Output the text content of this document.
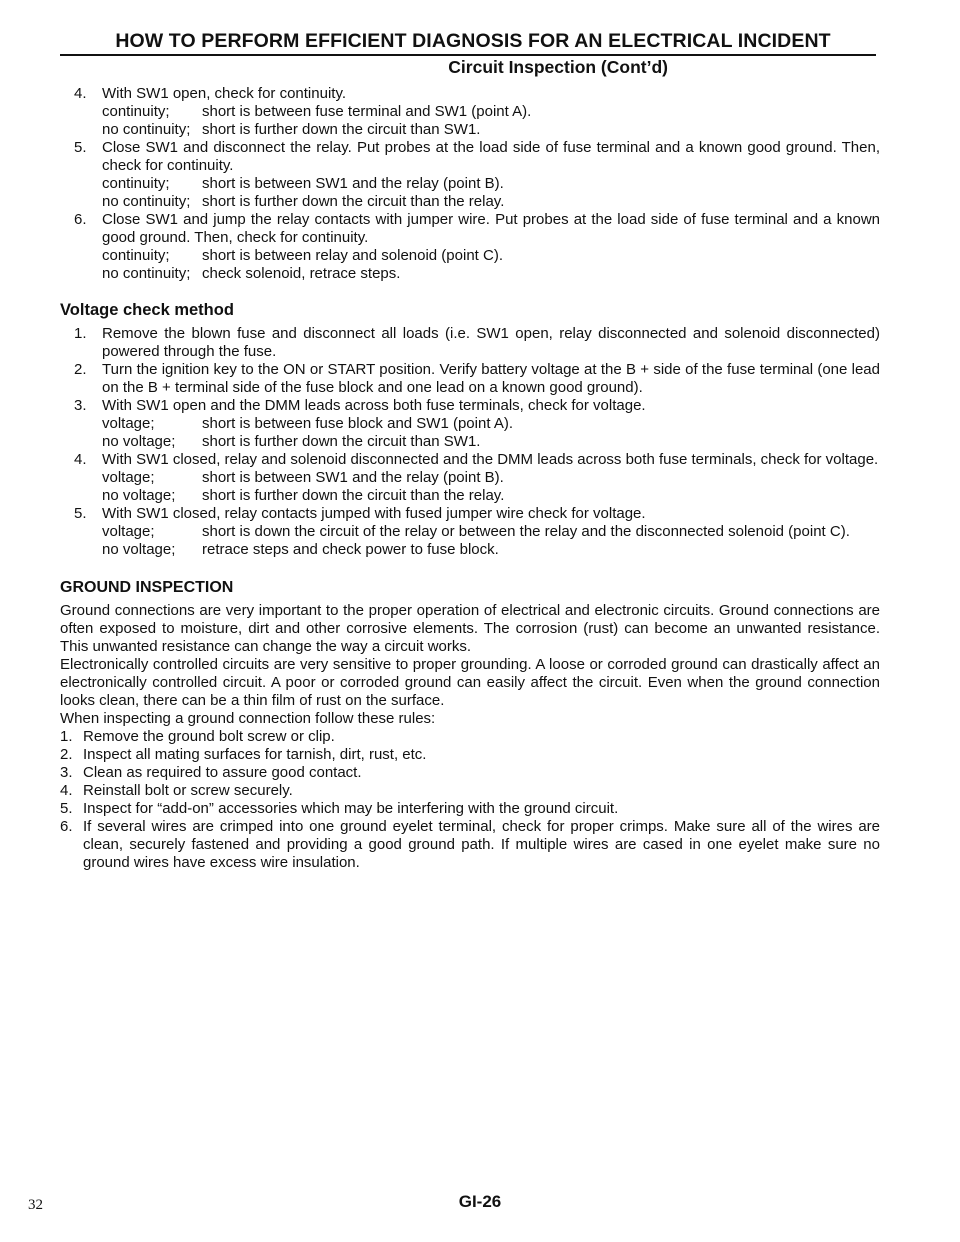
HOW TO PERFORM EFFICIENT DIAGNOSIS FOR AN ELECTRICAL INCIDENT
Circuit Inspection (Cont’d)
4. With SW1 open, check for continuity.
continuity;	short is between fuse terminal and SW1 (point A).
no continuity; short is further down the circuit than SW1.
5. Close SW1 and disconnect the relay. Put probes at the load side of fuse terminal and a known good ground. Then, check for continuity.
continuity;	short is between SW1 and the relay (point B).
no continuity; short is further down the circuit than the relay.
6. Close SW1 and jump the relay contacts with jumper wire. Put probes at the load side of fuse terminal and a known good ground. Then, check for continuity.
continuity;	short is between relay and solenoid (point C).
no continuity; check solenoid, retrace steps.
Voltage check method
1. Remove the blown fuse and disconnect all loads (i.e. SW1 open, relay disconnected and solenoid disconnected) powered through the fuse.
2. Turn the ignition key to the ON or START position. Verify battery voltage at the B + side of the fuse terminal (one lead on the B + terminal side of the fuse block and one lead on a known good ground).
3. With SW1 open and the DMM leads across both fuse terminals, check for voltage.
voltage;	short is between fuse block and SW1 (point A).
no voltage;	short is further down the circuit than SW1.
4. With SW1 closed, relay and solenoid disconnected and the DMM leads across both fuse terminals, check for voltage.
voltage;	short is between SW1 and the relay (point B).
no voltage;	short is further down the circuit than the relay.
5. With SW1 closed, relay contacts jumped with fused jumper wire check for voltage.
voltage;	short is down the circuit of the relay or between the relay and the disconnected solenoid (point C).
no voltage;	retrace steps and check power to fuse block.
GROUND INSPECTION
Ground connections are very important to the proper operation of electrical and electronic circuits. Ground connections are often exposed to moisture, dirt and other corrosive elements. The corrosion (rust) can become an unwanted resistance. This unwanted resistance can change the way a circuit works.
Electronically controlled circuits are very sensitive to proper grounding. A loose or corroded ground can drastically affect an electronically controlled circuit. A poor or corroded ground can easily affect the circuit. Even when the ground connection looks clean, there can be a thin film of rust on the surface.
When inspecting a ground connection follow these rules:
1. Remove the ground bolt screw or clip.
2. Inspect all mating surfaces for tarnish, dirt, rust, etc.
3. Clean as required to assure good contact.
4. Reinstall bolt or screw securely.
5. Inspect for “add-on” accessories which may be interfering with the ground circuit.
6. If several wires are crimped into one ground eyelet terminal, check for proper crimps. Make sure all of the wires are clean, securely fastened and providing a good ground path. If multiple wires are cased in one eyelet make sure no ground wires have excess wire insulation.
32	GI-26
